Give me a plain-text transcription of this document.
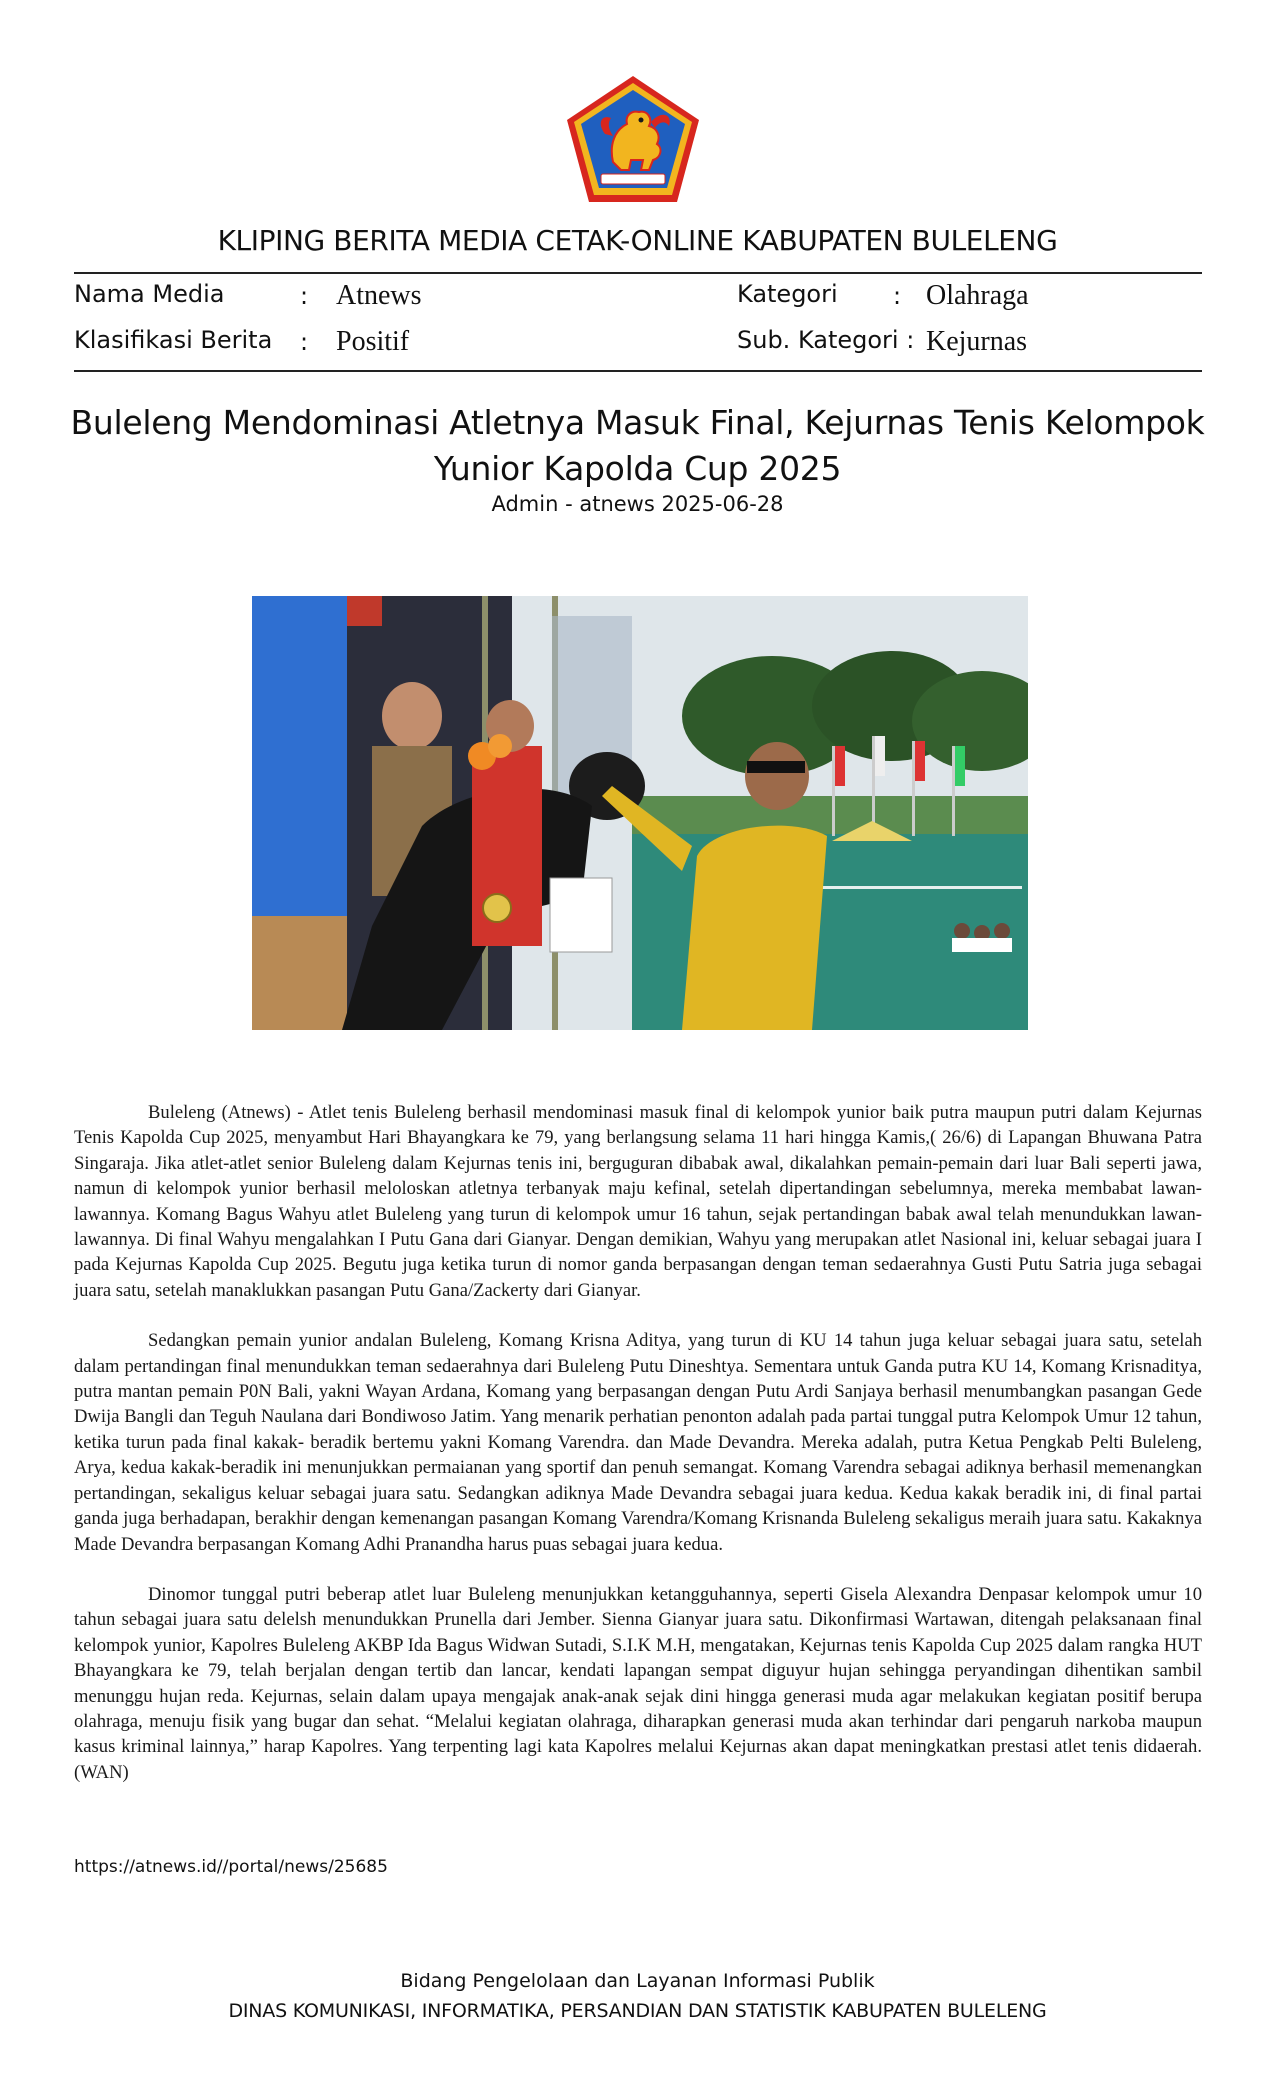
KLIPING BERITA MEDIA CETAK-ONLINE KABUPATEN BULELENG
Nama Media	: Atnews	Kategori : Olahraga
Klasifikasi Berita : Positif	Sub. Kategori : Kejurnas
Buleleng Mendominasi Atletnya Masuk Final, Kejurnas Tenis Kelompok Yunior Kapolda Cup 2025
Admin - atnews 2025-06-28

Buleleng (Atnews) - Atlet tenis Buleleng berhasil mendominasi masuk final di kelompok yunior baik putra maupun putri dalam Kejurnas Tenis Kapolda Cup 2025, menyambut Hari Bhayangkara ke 79, yang berlangsung selama 11 hari hingga Kamis,( 26/6) di Lapangan Bhuwana Patra Singaraja. Jika atlet-atlet senior Buleleng dalam Kejurnas tenis ini, berguguran dibabak awal, dikalahkan pemain-pemain dari luar Bali seperti jawa, namun di kelompok yunior berhasil meloloskan atletnya terbanyak maju kefinal, setelah dipertandingan sebelumnya, mereka membabat lawan-lawannya. Komang Bagus Wahyu atlet Buleleng yang turun di kelompok umur 16 tahun, sejak pertandingan babak awal telah menundukkan lawan-lawannya. Di final Wahyu mengalahkan I Putu Gana dari Gianyar. Dengan demikian, Wahyu yang merupakan atlet Nasional ini, keluar sebagai juara I pada Kejurnas Kapolda Cup 2025. Begutu juga ketika turun di nomor ganda berpasangan dengan teman sedaerahnya Gusti Putu Satria juga sebagai juara satu, setelah manaklukkan pasangan Putu Gana/Zackerty dari Gianyar.

Sedangkan pemain yunior andalan Buleleng, Komang Krisna Aditya, yang turun di KU 14 tahun juga keluar sebagai juara satu, setelah dalam pertandingan final menundukkan teman sedaerahnya dari Buleleng Putu Dineshtya. Sementara untuk Ganda putra KU 14, Komang Krisnaditya, putra mantan pemain P0N Bali, yakni Wayan Ardana, Komang yang berpasangan dengan Putu Ardi Sanjaya berhasil menumbangkan pasangan Gede Dwija Bangli dan Teguh Naulana dari Bondiwoso Jatim. Yang menarik perhatian penonton adalah pada partai tunggal putra Kelompok Umur 12 tahun, ketika turun pada final kakak- beradik bertemu yakni Komang Varendra. dan Made Devandra. Mereka adalah, putra Ketua Pengkab Pelti Buleleng, Arya, kedua kakak-beradik ini menunjukkan permaianan yang sportif dan penuh semangat. Komang Varendra sebagai adiknya berhasil memenangkan pertandingan, sekaligus keluar sebagai juara satu. Sedangkan adiknya Made Devandra sebagai juara kedua. Kedua kakak beradik ini, di final partai ganda juga berhadapan, berakhir dengan kemenangan pasangan Komang Varendra/Komang Krisnanda Buleleng sekaligus meraih juara satu. Kakaknya Made Devandra berpasangan Komang Adhi Pranandha harus puas sebagai juara kedua.

Dinomor tunggal putri beberap atlet luar Buleleng menunjukkan ketangguhannya, seperti Gisela Alexandra Denpasar kelompok umur 10 tahun sebagai juara satu delelsh menundukkan Prunella dari Jember. Sienna Gianyar juara satu. Dikonfirmasi Wartawan, ditengah pelaksanaan final kelompok yunior, Kapolres Buleleng AKBP Ida Bagus Widwan Sutadi, S.I.K M.H, mengatakan, Kejurnas tenis Kapolda Cup 2025 dalam rangka HUT Bhayangkara ke 79, telah berjalan dengan tertib dan lancar, kendati lapangan sempat diguyur hujan sehingga peryandingan dihentikan sambil menunggu hujan reda. Kejurnas, selain dalam upaya mengajak anak-anak sejak dini hingga generasi muda agar melakukan kegiatan positif berupa olahraga, menuju fisik yang bugar dan sehat. “Melalui kegiatan olahraga, diharapkan generasi muda akan terhindar dari pengaruh narkoba maupun kasus kriminal lainnya,” harap Kapolres. Yang terpenting lagi kata Kapolres melalui Kejurnas akan dapat meningkatkan prestasi atlet tenis didaerah. (WAN)

https://atnews.id//portal/news/25685
Bidang Pengelolaan dan Layanan Informasi Publik
DINAS KOMUNIKASI, INFORMATIKA, PERSANDIAN DAN STATISTIK KABUPATEN BULELENG
